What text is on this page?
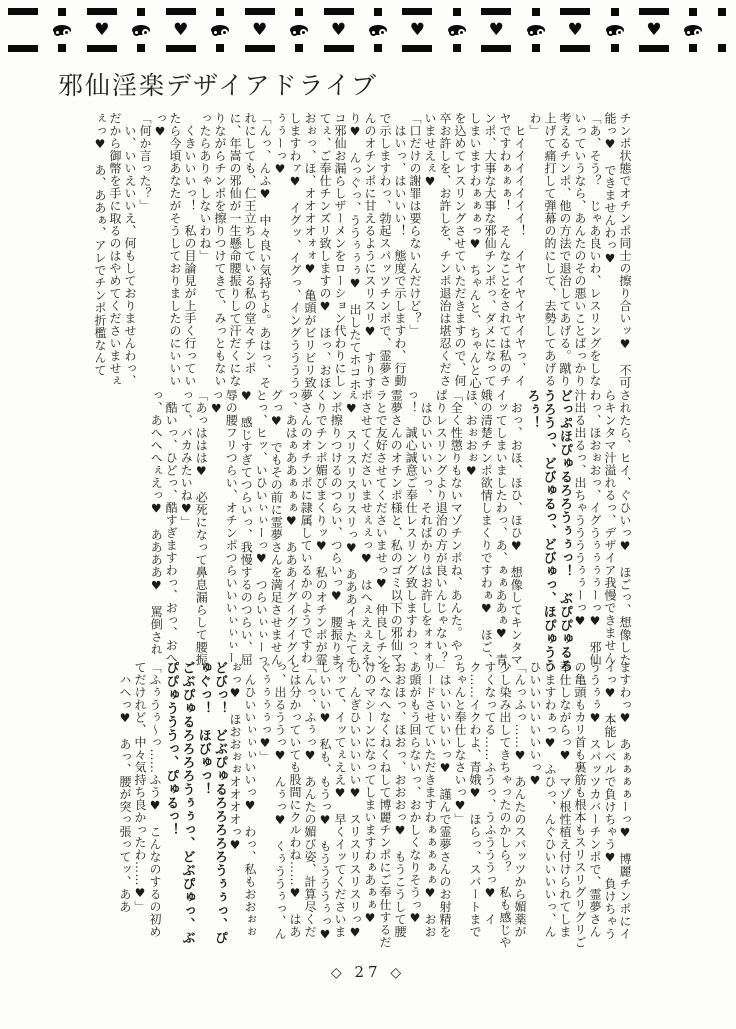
♥	♥	♥	♥	♥	♥	♥	♥
邪仙淫楽デザイアドライブ

チンポ状態でオチンポ同士の擦り合いッ♥　不可能っ♥　できませんわっ♥

「あ、そう？　じゃあ良いわ、レスリングをしないっていうなら、あんたのその悪いことばっかり考えるチンポ、他の方法で退治してあげる。蹴り上げて痛打して弾幕の的にして、去勢してあげるわ」

　ヒイイイイイイイ！　イヤイヤイヤイヤっ、イヤですわぁぁぁ！　そんなことをされては私のチンポ、大事な大事な邪仙チンポっ、ダメになってしまいますわぁぁぁっ♥　ちゃんと、ちゃんと心を込めてレスリングさせていただきますので、何卒お許しを、お許しを、チンポ退治は堪忍くださいませえぇ♥

「口だけの謝罪は要らないんだけど？」

　はいっ、はいいい！　態度で示しますわ、行動で示しますわっ、勃起スパッツチンポで、霊夢さんのオチンポに甘えるようにスリスリ♥　すりすり♥　んっぐっ、ううぅぅぅ♥　出したてホコホコ邪仙お漏らしザーメンをローション代わりにしてぇ、ご奉仕チンズリ致しますの♥　ほっ、おほおぉっ、ほ、オオオオォォ♥　亀頭がビリビリ致しますわァ♥　イグッ、イグっ、イングううううぅぅーっ♥

「んっ、んふ♥　中々良い気持ちよ。あはっ、それにしても、仁王立ちしている私の堂々チンポに、年嵩の邪仙が一生懸命腰振りして汗だくになりながらチンポを擦りつけてきて、みっともないったらありゃしないわね」

　くきいいいっ！　私の目論見が上手く行っていたら今頃あなたがそうしておりましたのにいいいっ♥

「何か言った？」

　い、いいえいいえ、何もしておりませんわっ、だから御幣を手に取るのはやめてくださいませぇぇっ♥　あ、ああぁ、アレでチンポ折檻なんて

されたら、ヒイ、ぐひいっ♥　ほごっ、想像したらキンタマ汁溢れるっ、デザイア我慢できませんわっ、ほおぉおっ、イグうぅぅぅぅーっ♥　邪仙汁出る出るっ、出ちゃううううぅぅーっ♥

どっぷほぴゅるろろうぅぅっ！　ぶぴぴゅるろうろうっ、どびゅるっ、どびゅっ、ほぴゅううろぅ！

　おっ、おほ、ほひ、ほひ♥　想像してキンタマイッてしまいましたわっ、あ、ぁぁああぁ♥　青娥の清楚チンポ欲情しまくりですわぁ♥　ほご、ほ、おぉおぉ♥

「全く性懲りもないマゾチンポね、あんた。やっぱりレスリングより退治の方が良いんじゃない？」

　はひいいいいっ、そればかりはお許しをォォォっ！　誠心誠意ご奉仕レスリング致しますわっ、霊夢さんのオチンポ様と、私のゴミ以下の邪仙マラとで友好させてくださいませっ♥　仲良しチンポさせてくださいませぇぇっ♥　はへぇえぇええぇ♥　スリスリスリスリっ♥　あああイキたてチンポ擦りつけるのつらい、つらいっ♥　腰振りまくりでチンポ媚びまくりッ♥　私のオチンポが霊夢さんのオチンポに隷属しているかのようですわっ、あはぁああぁぁぁ♥　あああイグイグイグイグっ♥　でもその前に霊夢さんを満足させませんとっ、ヒッ、いひいぃぃーっ♥　つらいぃぃーっ♥　感じすぎてつらいっ、我慢するのつらい、屈辱の腰フリつらい、オチンポつらいいいぃぃぃーっ♥

「あっははは♥　必死になって鼻息漏らして腰振って、バカみたいね♥」

　酷いっ、ひどっ、酷すぎますわっ、おっ、おへっ、あへへへぇえっ♥　ああああ♥　罵倒され

ますわっ♥　あぁぁぁぁーっ♥　博麗チンポにイイっ♥　本能レベルで負けちゃう♥　負けちゃうううぅぅ♥　スパッツカバーチンポで、霊夢さんの亀頭もカリ首も裏筋も根本もスリスリグリグリご奉仕しながらっ♥　マゾ根性植え付けられてしまいますわぁっ♥　ふひっ、んぐひいいいいっ、んひいいいいいいいっ♥

「んっふっ……♥　あんたのスパッツから媚薬が少し染み出してきちゃったのかしら？　私も感じやすくなってる……ふうっ、うふうううっ♥　イク……イクわよ、青娥♥　ほらっ、スパートまでちゃんと奉仕しなさいっ♥」

　はいいいいいっ♥　謹んで霊夢さんのお射精をリードさせていただきますわぁぁぁぁぁ♥　おおあ頭がもう回らないっ、おかしくなりそうっ♥　おおほっ、ほおっ、おおおっ♥　もうこうして腰をへなへなくねくねして博麗チンポにご奉仕するだけのマシーンになってしまいますわぁあぁぁ♥　ひ、んぎひいいいいい♥　スリスリスリスリっ♥　イッて、イッてぇええ♥　早くイッてくださいましいいい♥　私も、もうっ♥　もううううぅっ♥

「んっ、ふぅっ♥　あんたの媚び姿、計算尽くだとは分かっていても股間にクルわね……♥　はあっ、出るううっ♥　んぅっ♥　くぅううぅっ、んぐぅぅぅぅっ♥」

　んひいいぃぃぃいいっ♥　わっ、私もおおぉぉぉっ♥　ほおおぉぉオオオオっ♥

どびっ！　どぶぴゅるろろろろろうぅぅっ、ぴゅぐっ！　ほびゅっ！

ごぶぴゅるろろろろうぅぅっ、どぶぴゅっ、ぶぴぴゅうううっ、ぴゅるっ！

「ふぅうぅ～っ……ふう♥　こんなのするの初めてだけれど、中々気持ち良かったわ……♥」

　ハヘっ♥　あっ、腰が突っ張ってッ、ああ

◇ 27 ◇
